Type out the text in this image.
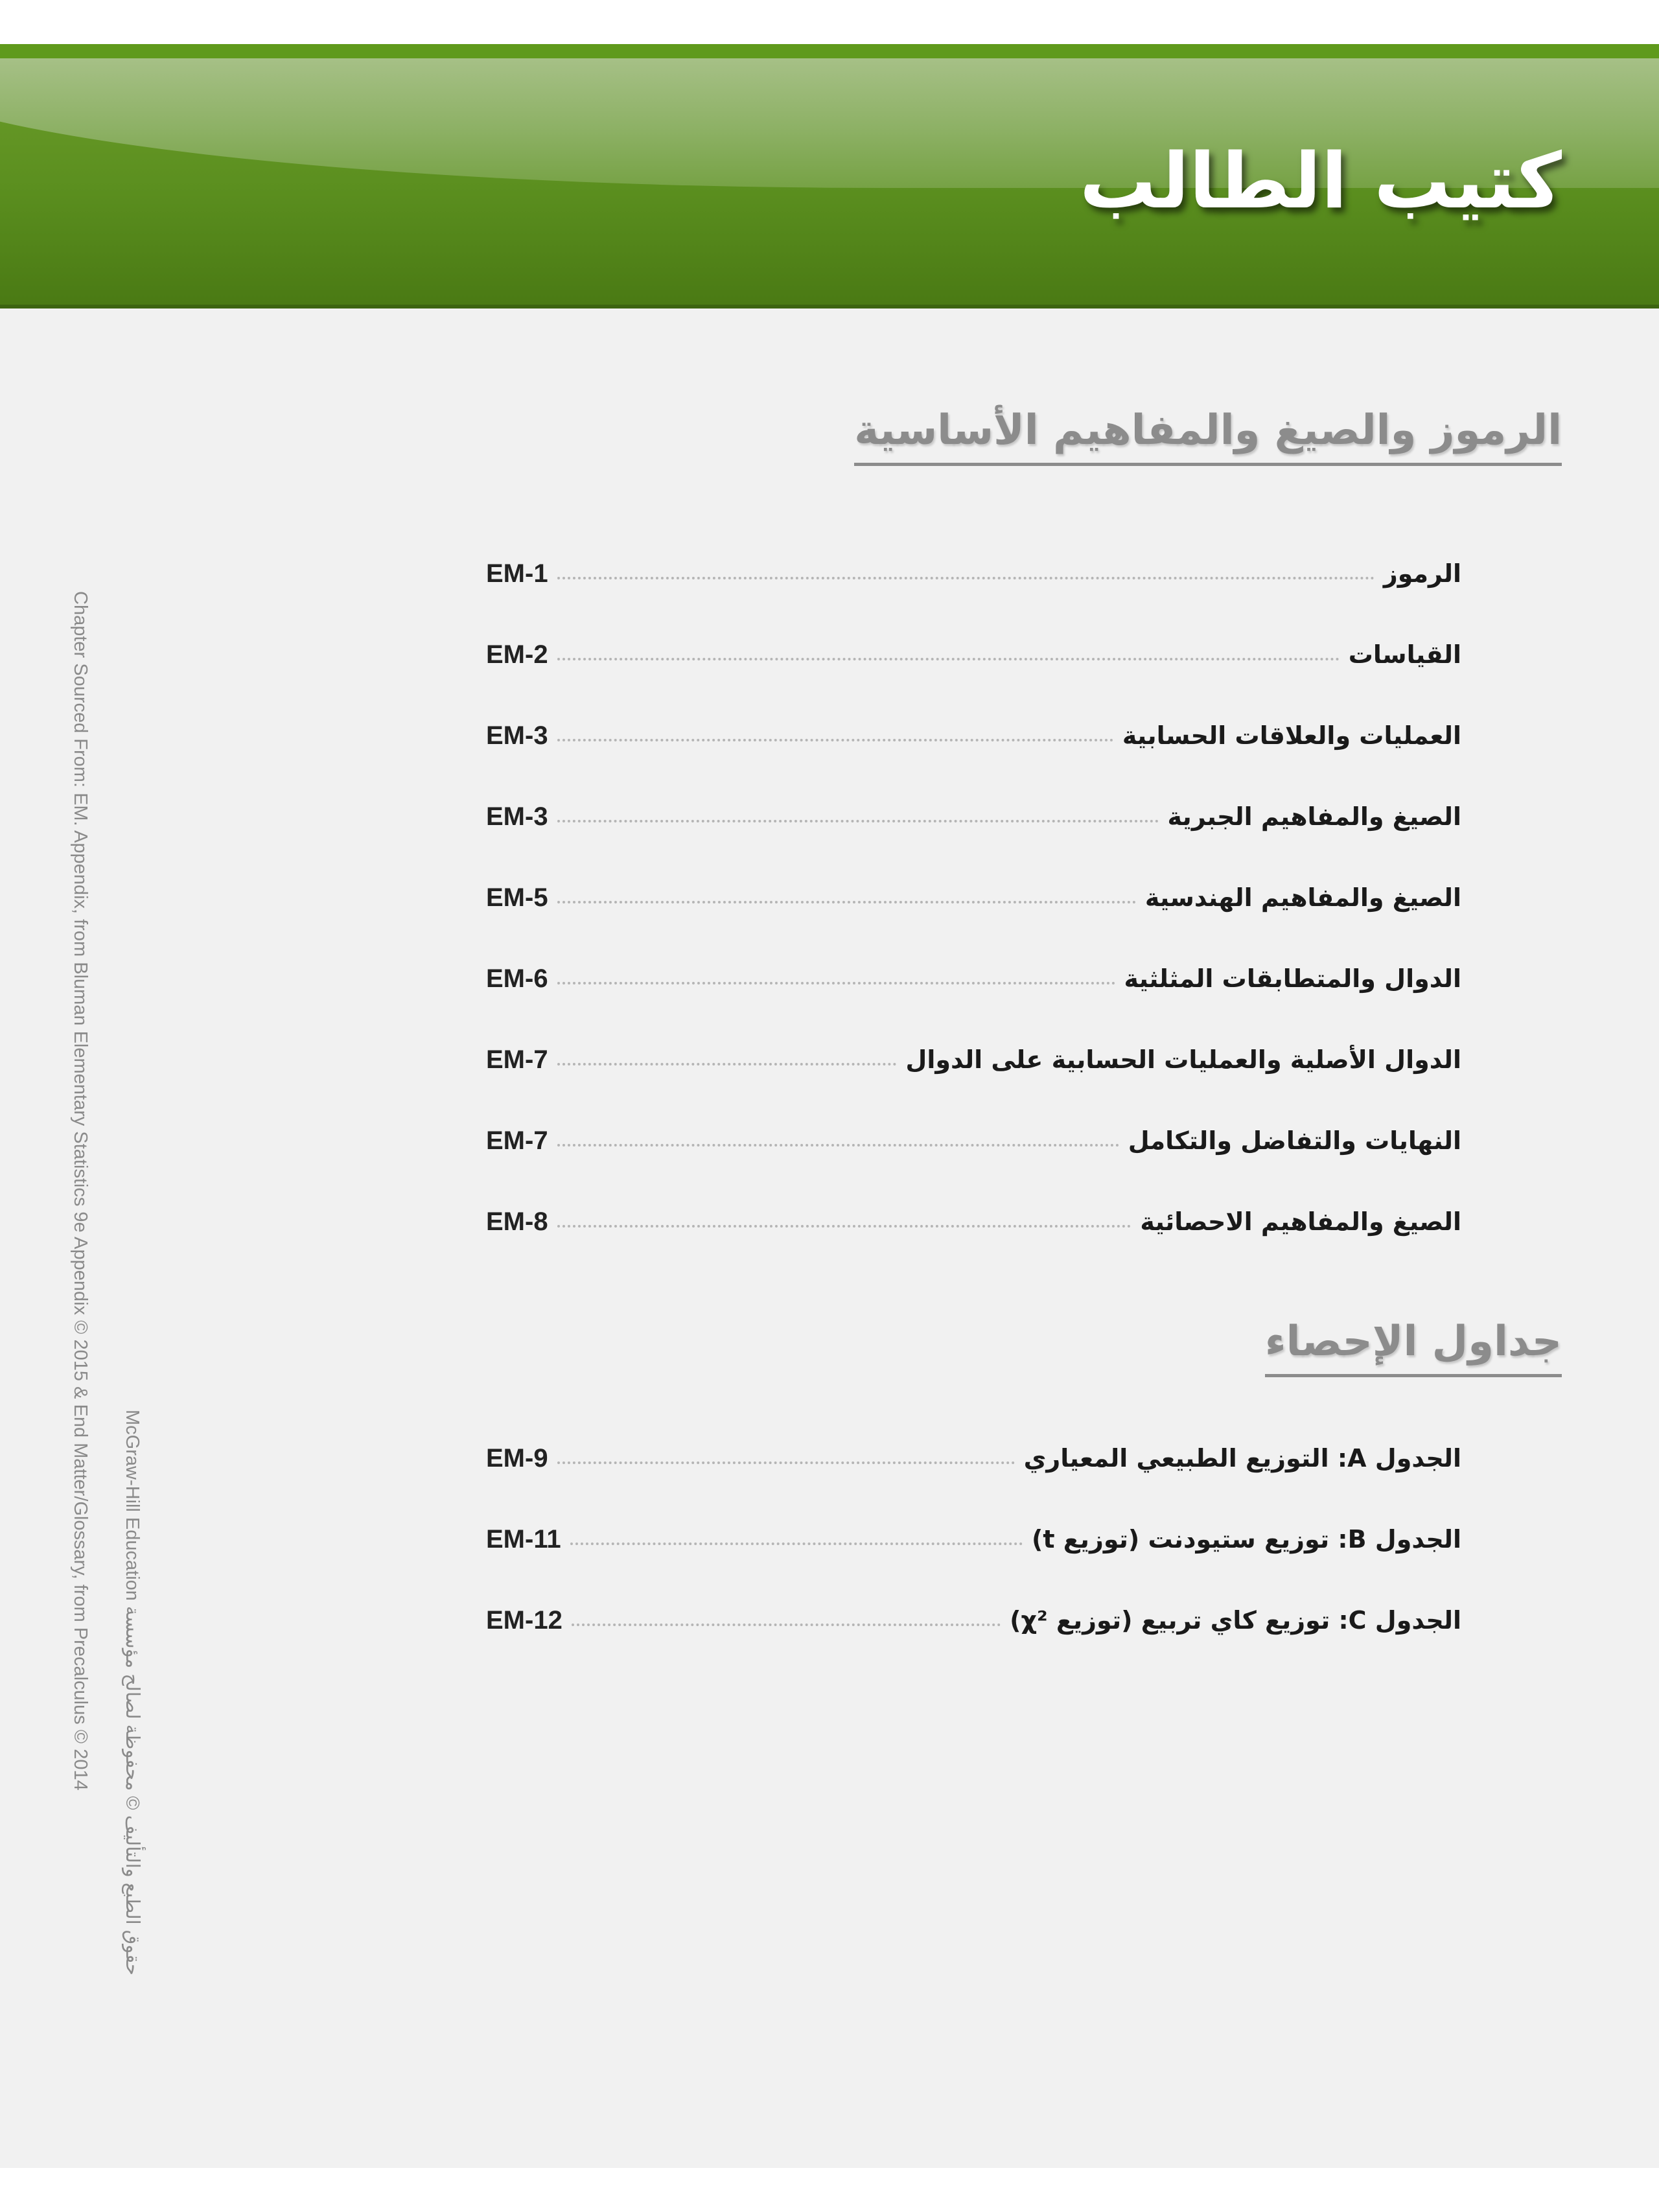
كتيب الطالب
الرموز والصيغ والمفاهيم الأساسية
EM-1	الرموز
EM-2	القياسات
EM-3	العمليات والعلاقات الحسابية
EM-3	الصيغ والمفاهيم الجبرية
EM-5	الصيغ والمفاهيم الهندسية
EM-6	الدوال والمتطابقات المثلثية
EM-7	الدوال الأصلية والعمليات الحسابية على الدوال
EM-7	النهايات والتفاضل والتكامل
EM-8	الصيغ والمفاهيم الاحصائية
جداول الإحصاء
EM-9	الجدول A: التوزيع الطبيعي المعياري
EM-11	الجدول B: توزيع ستيودنت (توزيع t)
EM-12	الجدول C: توزيع كاي تربيع (توزيع χ²)
Chapter Sourced From: EM. Appendix, from Bluman Elementary Statistics 9e Appendix © 2015 & End Matter/Glossary, from Precalculus © 2014 McGraw-Hill Education حقوق الطبع والتأليف © محفوظة لصالح مؤسسة
